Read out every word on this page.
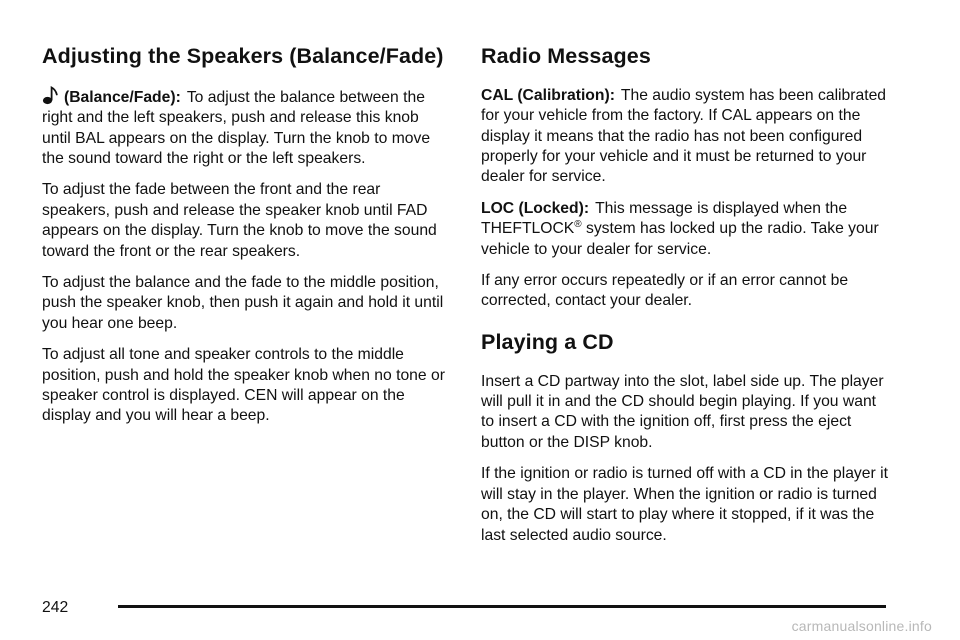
Adjusting the Speakers (Balance/Fade)

(Balance/Fade): To adjust the balance between the right and the left speakers, push and release this knob until BAL appears on the display. Turn the knob to move the sound toward the right or the left speakers.

To adjust the fade between the front and the rear speakers, push and release the speaker knob until FAD appears on the display. Turn the knob to move the sound toward the front or the rear speakers.

To adjust the balance and the fade to the middle position, push the speaker knob, then push it again and hold it until you hear one beep.

To adjust all tone and speaker controls to the middle position, push and hold the speaker knob when no tone or speaker control is displayed. CEN will appear on the display and you will hear a beep.

Radio Messages

CAL (Calibration): The audio system has been calibrated for your vehicle from the factory. If CAL appears on the display it means that the radio has not been configured properly for your vehicle and it must be returned to your dealer for service.

LOC (Locked): This message is displayed when the THEFTLOCK® system has locked up the radio. Take your vehicle to your dealer for service.

If any error occurs repeatedly or if an error cannot be corrected, contact your dealer.

Playing a CD

Insert a CD partway into the slot, label side up. The player will pull it in and the CD should begin playing. If you want to insert a CD with the ignition off, first press the eject button or the DISP knob.

If the ignition or radio is turned off with a CD in the player it will stay in the player. When the ignition or radio is turned on, the CD will start to play where it stopped, if it was the last selected audio source.

242
carmanualsonline.info
